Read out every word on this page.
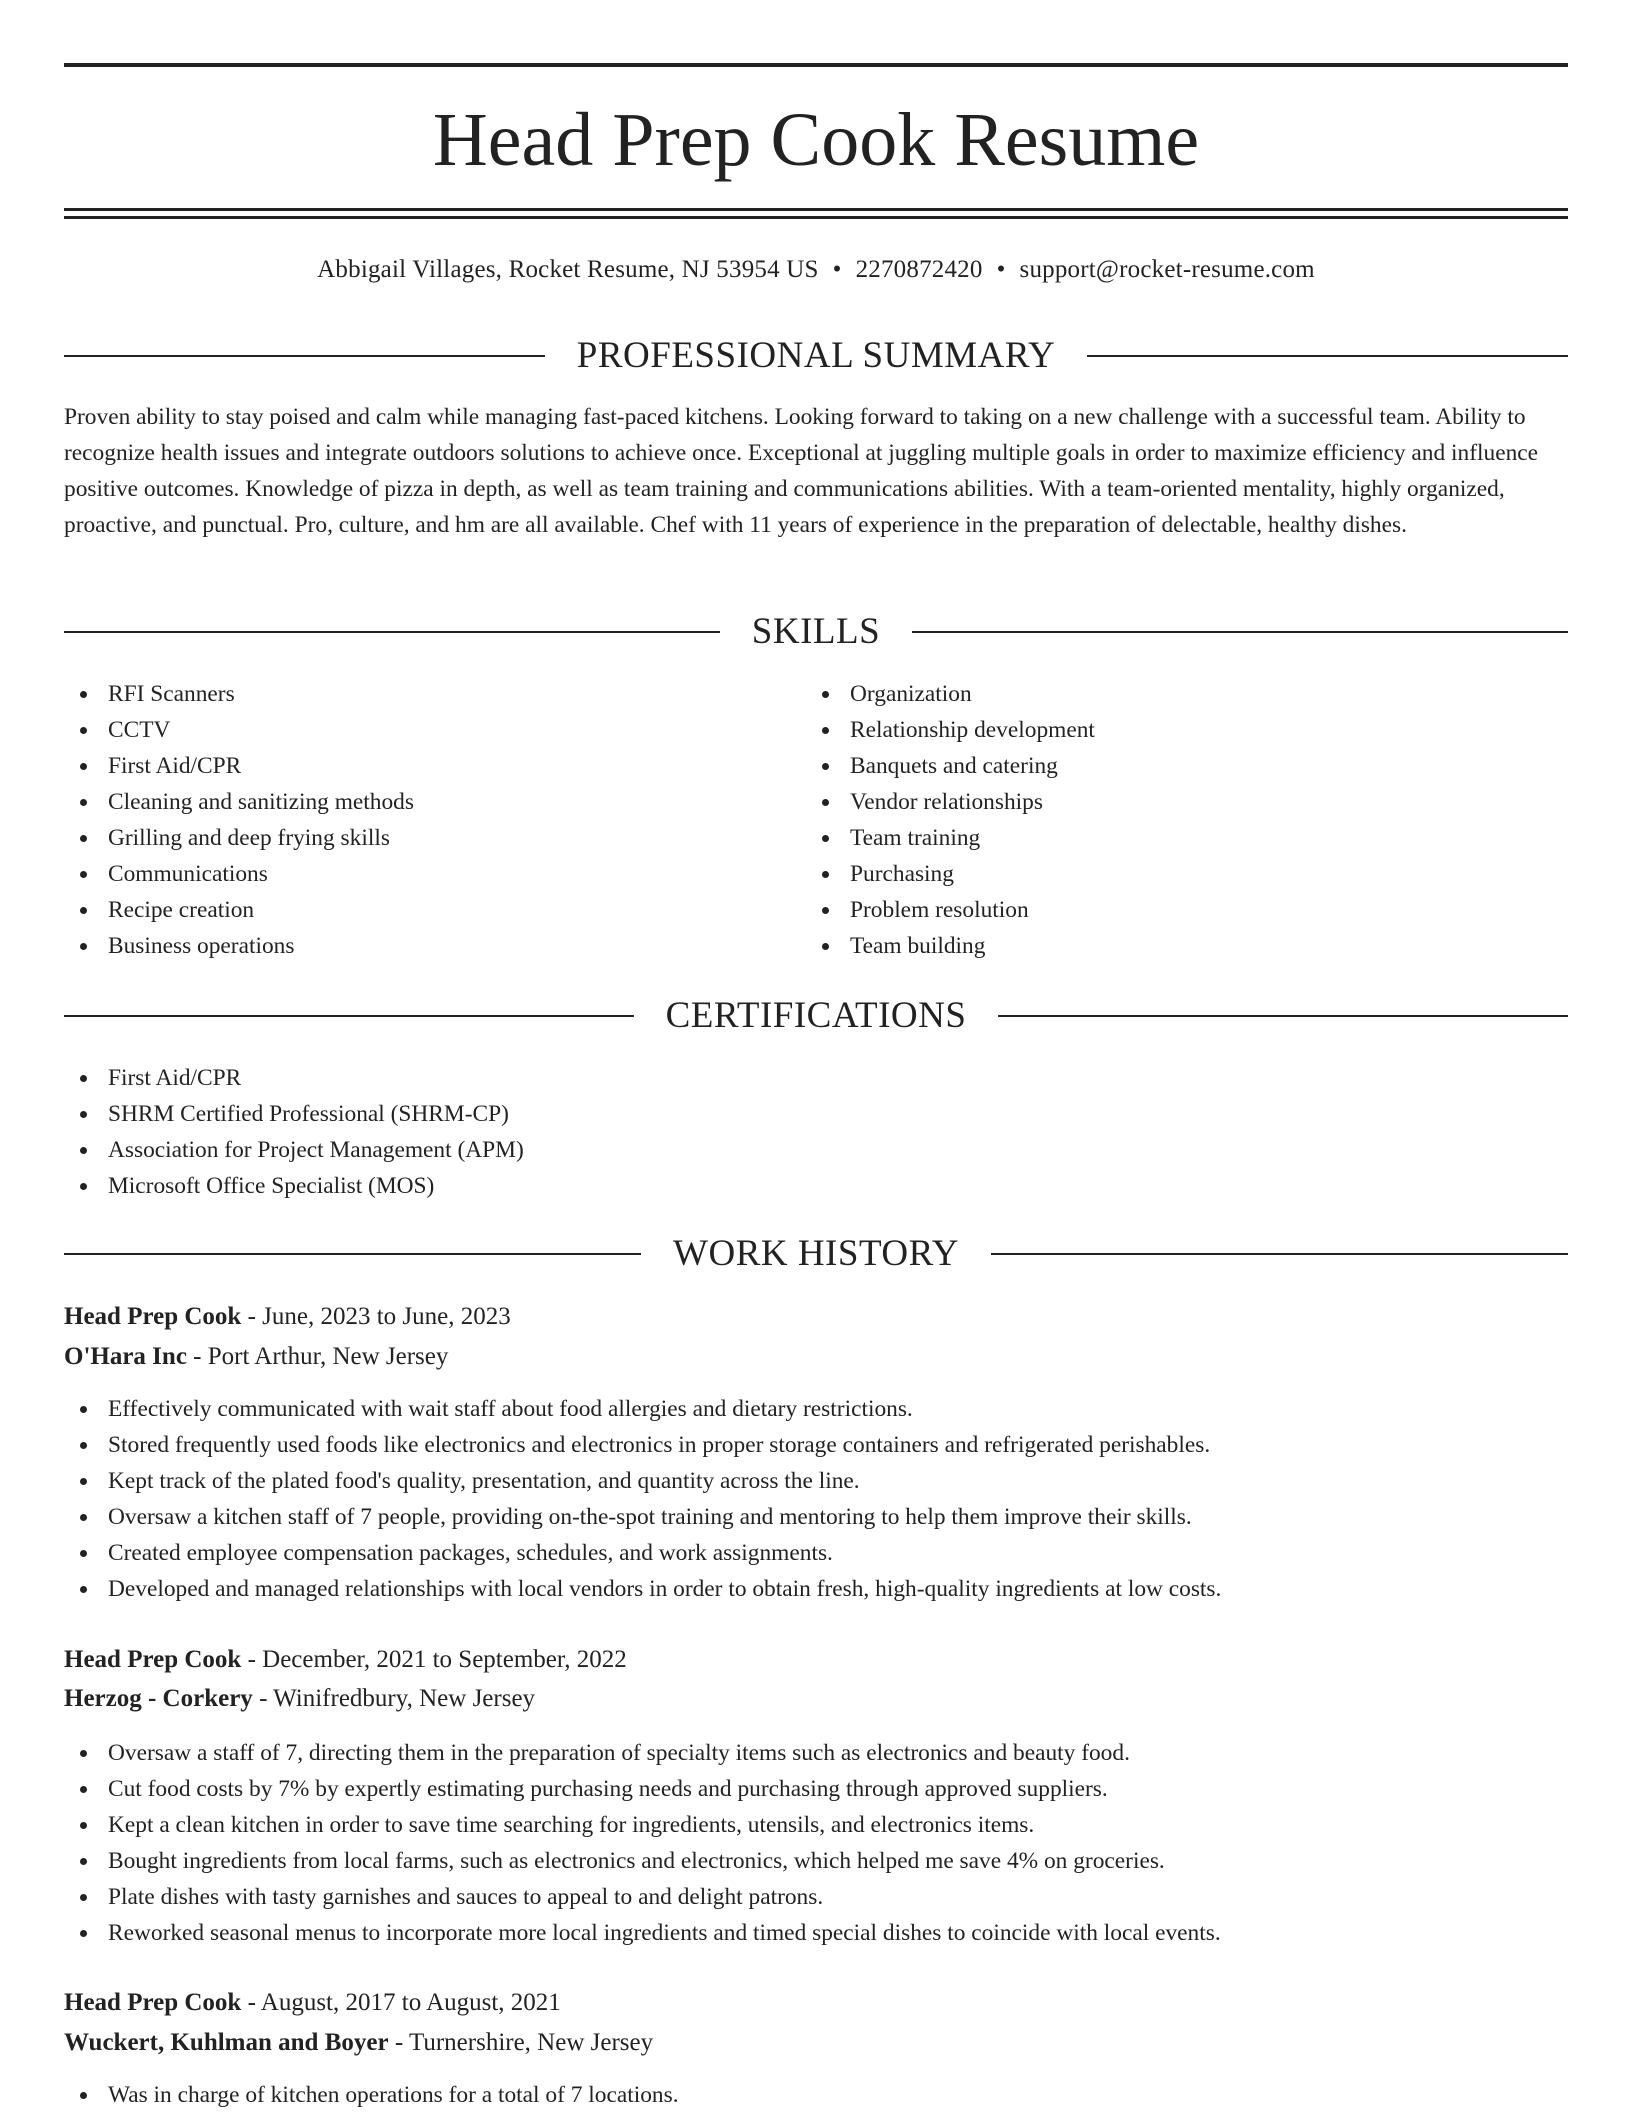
Head Prep Cook Resume
Abbigail Villages, Rocket Resume, NJ 53954 US • 2270872420 • support@rocket-resume.com
PROFESSIONAL SUMMARY

Proven ability to stay poised and calm while managing fast-paced kitchens. Looking forward to taking on a new challenge with a successful team. Ability to recognize health issues and integrate outdoors solutions to achieve once. Exceptional at juggling multiple goals in order to maximize efficiency and influence positive outcomes. Knowledge of pizza in depth, as well as team training and communications abilities. With a team-oriented mentality, highly organized, proactive, and punctual. Pro, culture, and hm are all available. Chef with 11 years of experience in the preparation of delectable, healthy dishes.

SKILLS
RFI Scanners
CCTV
First Aid/CPR
Cleaning and sanitizing methods
Grilling and deep frying skills
Communications
Recipe creation
Business operations
Organization
Relationship development
Banquets and catering
Vendor relationships
Team training
Purchasing
Problem resolution
Team building
CERTIFICATIONS
First Aid/CPR
SHRM Certified Professional (SHRM-CP)
Association for Project Management (APM)
Microsoft Office Specialist (MOS)
WORK HISTORY
Head Prep Cook - June, 2023 to June, 2023
O'Hara Inc - Port Arthur, New Jersey
Effectively communicated with wait staff about food allergies and dietary restrictions.
Stored frequently used foods like electronics and electronics in proper storage containers and refrigerated perishables.
Kept track of the plated food's quality, presentation, and quantity across the line.
Oversaw a kitchen staff of 7 people, providing on-the-spot training and mentoring to help them improve their skills.
Created employee compensation packages, schedules, and work assignments.
Developed and managed relationships with local vendors in order to obtain fresh, high-quality ingredients at low costs.
Head Prep Cook - December, 2021 to September, 2022
Herzog - Corkery - Winifredbury, New Jersey
Oversaw a staff of 7, directing them in the preparation of specialty items such as electronics and beauty food.
Cut food costs by 7% by expertly estimating purchasing needs and purchasing through approved suppliers.
Kept a clean kitchen in order to save time searching for ingredients, utensils, and electronics items.
Bought ingredients from local farms, such as electronics and electronics, which helped me save 4% on groceries.
Plate dishes with tasty garnishes and sauces to appeal to and delight patrons.
Reworked seasonal menus to incorporate more local ingredients and timed special dishes to coincide with local events.
Head Prep Cook - August, 2017 to August, 2021
Wuckert, Kuhlman and Boyer - Turnershire, New Jersey
Was in charge of kitchen operations for a total of 7 locations.
